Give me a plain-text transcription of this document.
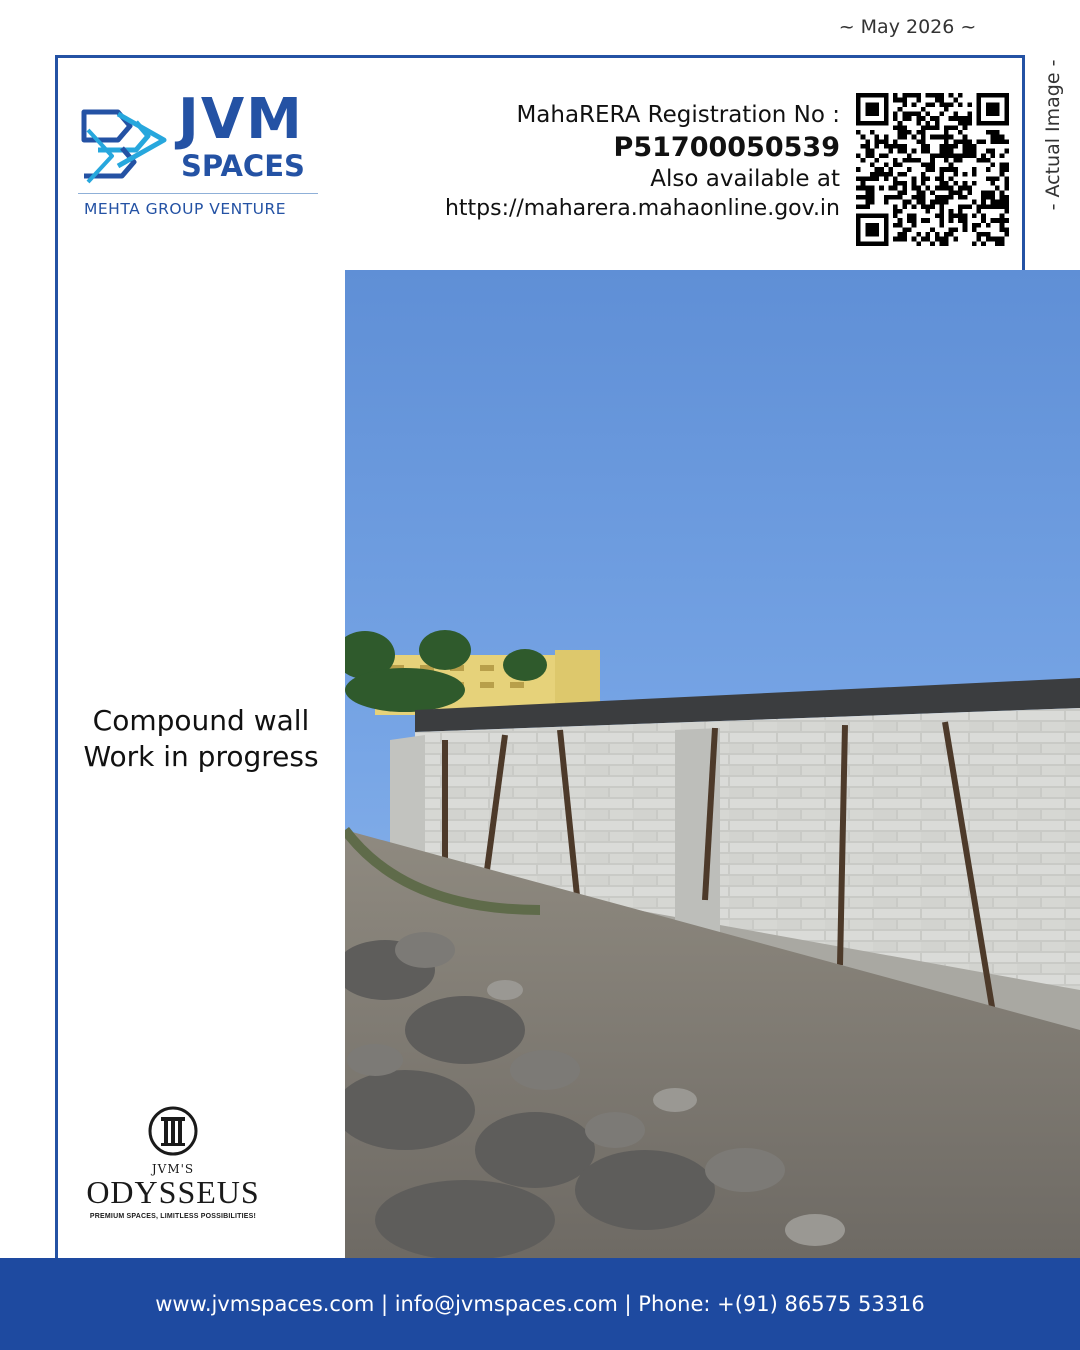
~ May 2026 ~
- Actual Image -
JVM
SPACES
MEHTA GROUP VENTURE
MahaRERA Registration No :
P51700050539
Also available at
https://maharera.mahaonline.gov.in
Compound wall
Work in progress
JVM'S
ODYSSEUS
PREMIUM SPACES, LIMITLESS POSSIBILITIES!
www.jvmspaces.com | info@jvmspaces.com | Phone: +(91) 86575 53316
